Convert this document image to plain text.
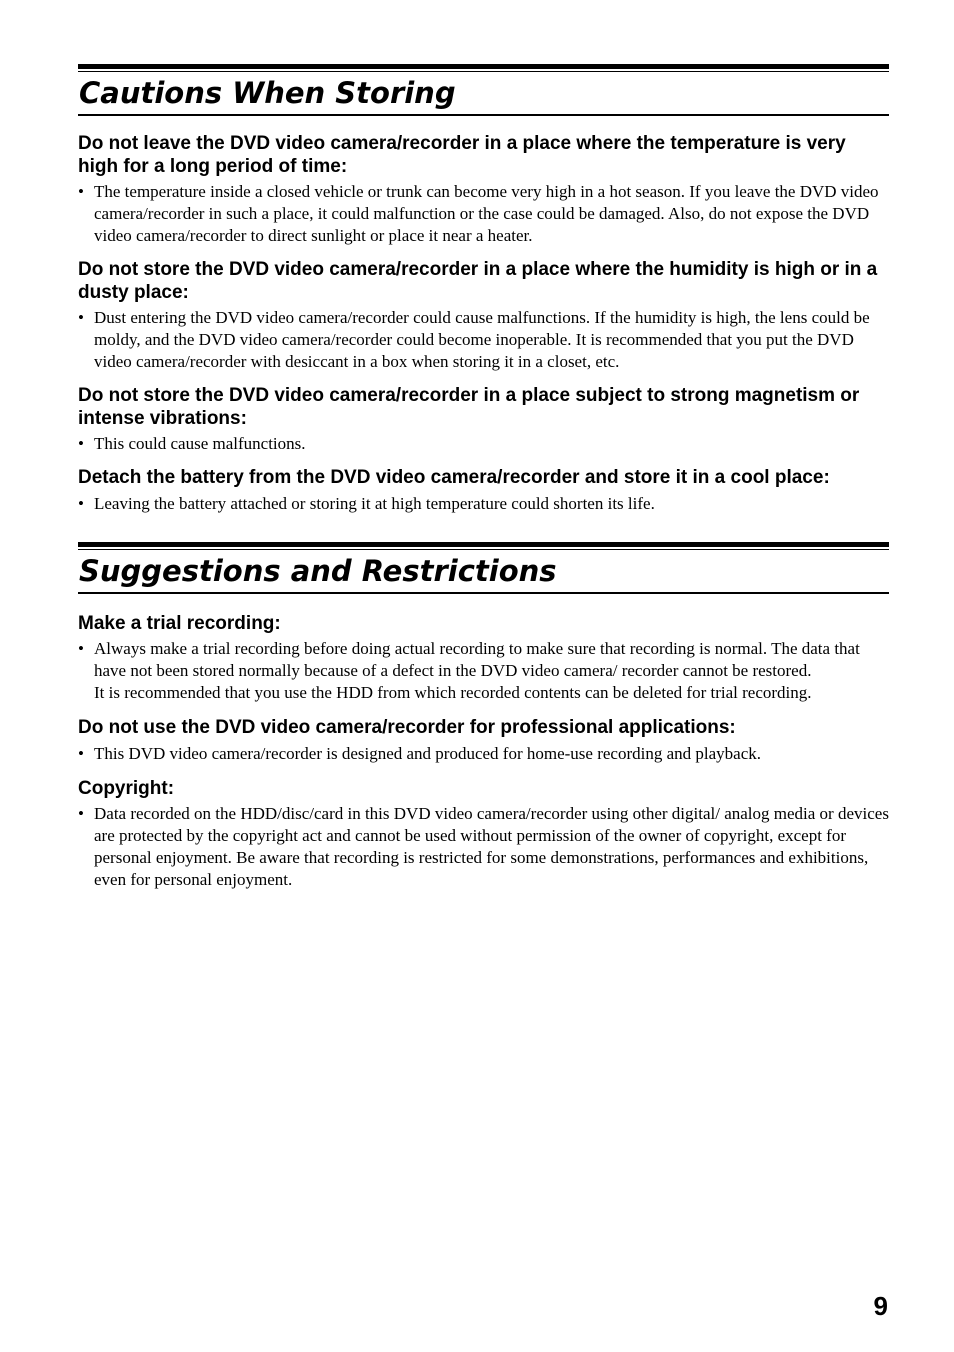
Cautions When Storing

Do not leave the DVD video camera/recorder in a place where the temperature is very high for a long period of time:

• The temperature inside a closed vehicle or trunk can become very high in a hot season. If you leave the DVD video camera/recorder in such a place, it could malfunction or the case could be damaged. Also, do not expose the DVD video camera/recorder to direct sunlight or place it near a heater.

Do not store the DVD video camera/recorder in a place where the humidity is high or in a dusty place:

• Dust entering the DVD video camera/recorder could cause malfunctions. If the humidity is high, the lens could be moldy, and the DVD video camera/recorder could become inoperable. It is recommended that you put the DVD video camera/recorder with desiccant in a box when storing it in a closet, etc.

Do not store the DVD video camera/recorder in a place subject to strong magnetism or intense vibrations:

• This could cause malfunctions.

Detach the battery from the DVD video camera/recorder and store it in a cool place:

• Leaving the battery attached or storing it at high temperature could shorten its life.
Suggestions and Restrictions

Make a trial recording:

• Always make a trial recording before doing actual recording to make sure that recording is normal. The data that have not been stored normally because of a defect in the DVD video camera/ recorder cannot be restored.
It is recommended that you use the HDD from which recorded contents can be deleted for trial recording.

Do not use the DVD video camera/recorder for professional applications:

• This DVD video camera/recorder is designed and produced for home-use recording and playback.

Copyright:

• Data recorded on the HDD/disc/card in this DVD video camera/recorder using other digital/ analog media or devices are protected by the copyright act and cannot be used without permission of the owner of copyright, except for personal enjoyment. Be aware that recording is restricted for some demonstrations, performances and exhibitions, even for personal enjoyment.
9
